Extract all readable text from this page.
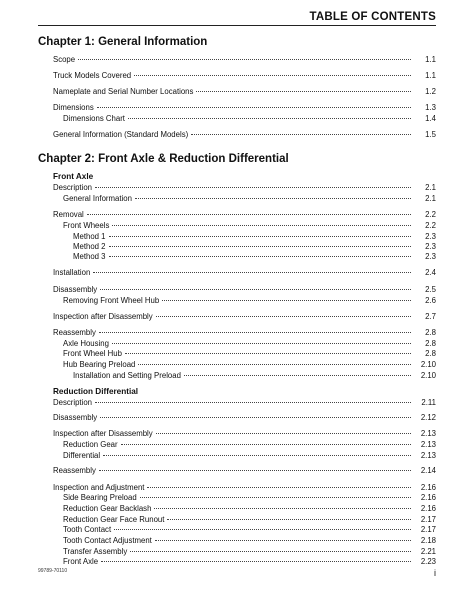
TABLE OF CONTENTS
Chapter 1: General Information
Scope	1.1
Truck Models Covered	1.1
Nameplate and Serial Number Locations	1.2
Dimensions	1.3
Dimensions Chart	1.4
General Information (Standard Models)	1.5
Chapter 2: Front Axle & Reduction Differential
Front Axle
Description	2.1
General Information	2.1
Removal	2.2
Front Wheels	2.2
Method 1	2.3
Method 2	2.3
Method 3	2.3
Installation	2.4
Disassembly	2.5
Removing Front Wheel Hub	2.6
Inspection after Disassembly	2.7
Reassembly	2.8
Axle Housing	2.8
Front Wheel Hub	2.8
Hub Bearing Preload	2.10
Installation and Setting Preload	2.10
Reduction Differential
Description	2.11
Disassembly	2.12
Inspection after Disassembly	2.13
Reduction Gear	2.13
Differential	2.13
Reassembly	2.14
Inspection and Adjustment	2.16
Side Bearing Preload	2.16
Reduction Gear Backlash	2.16
Reduction Gear Face Runout	2.17
Tooth Contact	2.17
Tooth Contact Adjustment	2.18
Transfer Assembly	2.21
Front Axle	2.23
99789-70110	i
